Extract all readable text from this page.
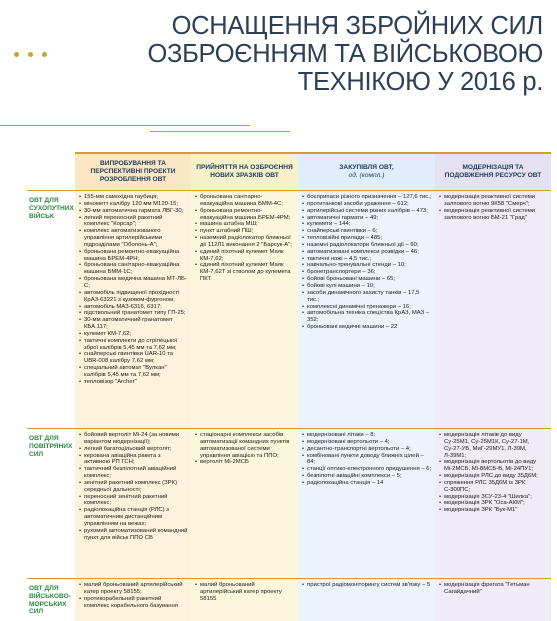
ОСНАЩЕННЯ ЗБРОЙНИХ СИЛ
ОЗБРОЄННЯМ ТА ВІЙСЬКОВОЮ
ТЕХНІКОЮ У 2016 р.
ВИПРОБУВАННЯ ТА ПЕРСПЕКТИВНІ ПРОЕКТИ РОЗРОБЛЕННЯ ОВТ
ПРИЙНЯТТЯ НА ОЗБРОЄННЯ НОВИХ ЗРАЗКІВ ОВТ
ЗАКУПІВЛЯ ОВТ,
од. (компл.)
МОДЕРНІЗАЦІЯ ТА ПОДОВЖЕННЯ РЕСУРСУ ОВТ
ОВТ ДЛЯ СУХОПУТНИХ ВІЙСЬК
• 155-мм самохідна гаубиця;
• мінометт калібру 120 мм М120-15;
• 30-мм автоматична гармата ЛВГ-30;
• легкий переносний ракетний комплекс "Корсар";
• комплекс автоматизованого управління артилерійськими підрозділами "Оболонь-А";
• броньована ремонтно-евакуаційна машина БРЕМ-4РН;
• броньована санітарно-евакуаційна машина БММ-1С;
• броньована медична машина МТ-ЛБ-С;
• автомобіль підвищеної прохідності КрАЗ-63221 з кузовом-фургоном;
• автомобіль МАЗ-6316, 6317;
• підствольний гранатомет типу ГП-25;
• 30-мм автоматичний гранатомет КБА.117;
• кулемет КМ-7,62;
• тактичні комплекти до стрілецької зброї калібрів 5,45 мм та 7,62 мм;
• снайперські гвинтівки UAR-10 та UBR-008 калібру 7,62 мм;
• спеціальний автомат "Вулкан" калібрів 5,45 мм та 7,62 мм;
• тепловізор "Archer"
• броньована санітарно-евакуаційна машина БММ-4С;
• броньована ремонтно-евакуаційна машина БРЕМ-4РМ;
• машина штабна МШ;
• пункт штабний ПШ;
• наземний радіолокатор ближньої дії 112Л1 виконання 2 "Барсук-А";
• єдиний піхотний кулемет Маяк КМ-7,62;
• єдиний піхотний кулемет Маяк КМ-7,62Т зі стволом до кулемета ПКТ
• боєприпаси різного призначення – 127,6 тис.;
• протитанкові засоби ураження – 612;
• артилерійські системи різних калібрів – 473;
• автоматичні гармати – 49;
• кулемети – 144;
• снайперські гвинтівки – 6;
• тепловізійні прилади – 485;
• наземні радіолокатори ближньої дії – 60;
• автоматизовані комплекси розвідки – 46;
• тактичні ножі – 4,5 тис.;
• навчально-тренувальні стенди – 10;
• бронетранспортери – 36;
• бойові броньовані машини – 65;
• бойові кулі машини – 10;
• засоби динамічного захисту танків – 17,5 тис.;
• комплексні динамічні тренажери – 16;
• автомобільна техніка спеціства КрАЗ, МАЗ – 352;
• броньовані медичні машини – 22
• модернізація реактивної системи залпового вогню 9К58 "Смерч";
• модернізація реактивної системи залпового вогню БМ-21 "Град"
ОВТ ДЛЯ ПОВІТРЯНИХ СИЛ
• бойовий вертоліт Мі-24 (за новими варіантом модернізації);
• легкий багатоцільовий вертоліт;
• керована авіаційна ракета з активною РП ГСН;
• тактичний безпілотний авіаційний комплекс;
• зенітний ракетний комплекс (ЗРК) середньої дальності;
• переносний зенітний ракетний комплекс;
• радіолокаційна станція (РЛС) з автоматичним дистанційним управлінням на вежах;
• рухомий автоматизований командний пункт для військ ППО СВ
• стаціонарні комплекси засобів автоматизації командних пунктів автоматизованої системи управління авіацією та ППО;
• вертоліт Мі-2МСБ
• модернізовані літаки – 8;
• модернізовані вертольоти – 4;
• десантно-транспортні вертольоти – 4;
• комбіновані пункти доводу ближніх цілей – 84;
• станції оптико-електронного придушення – 6;
• безпілотні авіаційні комплекси – 5;
• радіолокаційна станція – 14
• модернізація літаків до виду Су-25М1, Су-25М1К, Су-27-1М, Су-27-УБ, МиГ-29МУ1, Л-39М, Л-39М1;
• модернізація вертольотів до виду Мі-2МСБ, Мі-8МСБ-В, Мі-24ПУ1;
• модернізація РЛС до виду 35Д6М;
• спряження РЛС 35Д6М із ЗРК С-300ПС;
• модернізація ЗСУ-23-4 "Шилка";
• модернізація ЗРК "Оса-АКМ";
• модернізація ЗРК "Бук-М1"
ОВТ ДЛЯ ВІЙСЬКОВО-МОРСЬКИХ СИЛ
• малий броньований артилерійський катер проекту 58155;
• протикорабельний ракетний комплекс корабельного базування
• малий броньований артилерійський катер проекту 58155
• пристрої радіомоніторингу систем зв'язку – 5
•	модернізація фрегата "Гетьман Сагайдачний"
